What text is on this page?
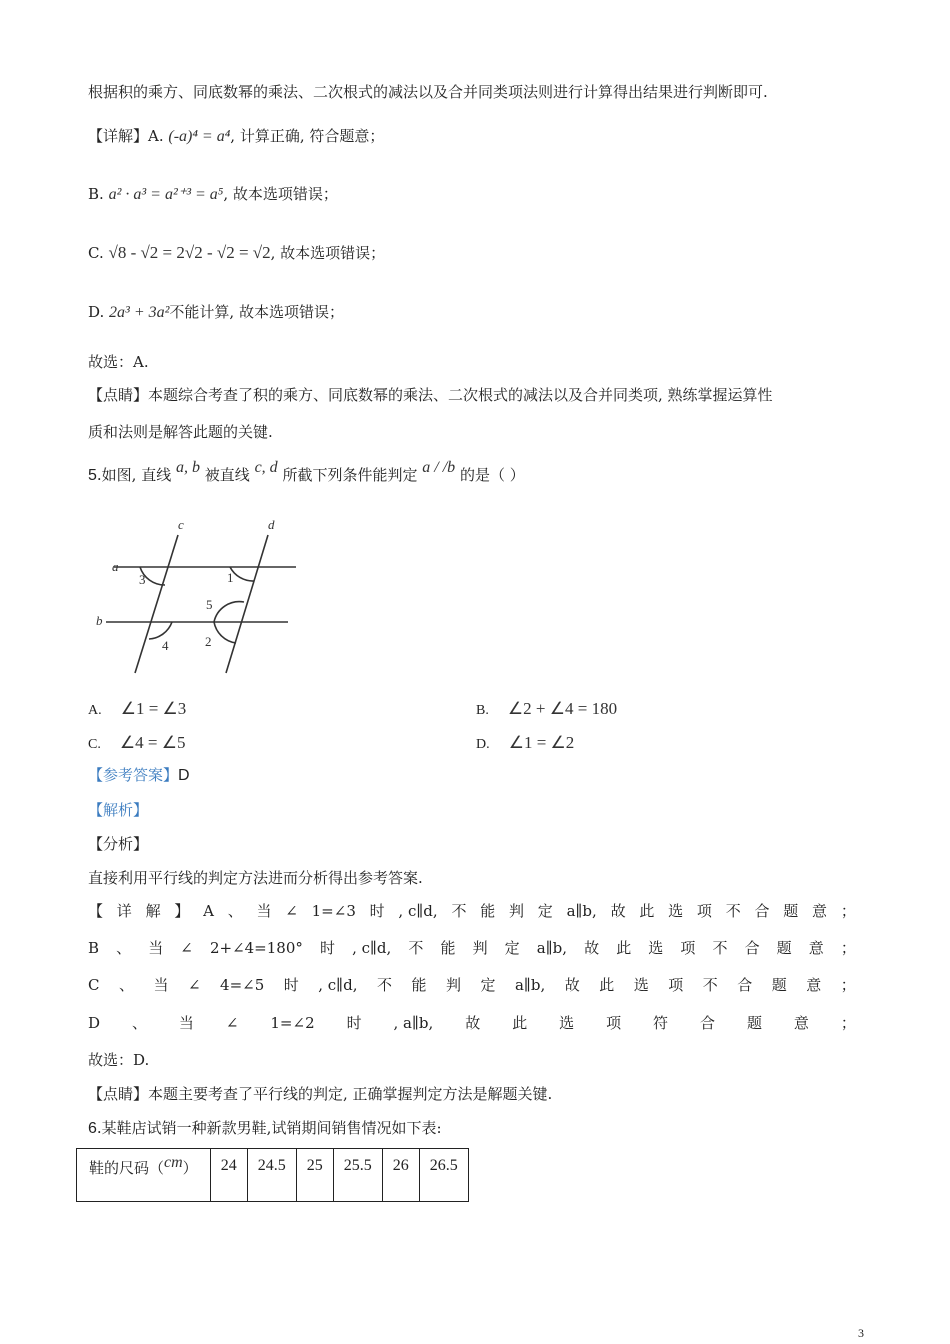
根据积的乘方、同底数幂的乘法、二次根式的减法以及合并同类项法则进行计算得出结果进行判断即可.
【详解】A. (-a)⁴ = a⁴, 计算正确, 符合题意；
B. a² · a³ = a²⁺³ = a⁵, 故本选项错误；
C. √8 - √2 = 2√2 - √2 = √2, 故本选项错误；
D. 2a³ + 3a²不能计算, 故本选项错误；
故选：A.
【点睛】本题综合考查了积的乘方、同底数幂的乘法、二次根式的减法以及合并同类项, 熟练掌握运算性
质和法则是解答此题的关键.
5.如图, 直线 a, b 被直线 c, d 所截下列条件能判定 a / /b 的是（ ）
a
b
c	d
3	1
5
2
4
A. ∠1 = ∠3	B. ∠2 + ∠4 = 180
C. ∠4 = ∠5	D. ∠1 = ∠2
【参考答案】D
【解析】
【分析】
直接利用平行线的判定方法进而分析得出参考答案.
【 详 解 】 A 、 当 ∠ 1=∠3 时 , c∥d, 不 能 判 定 a∥b, 故 此 选 项 不 合 题 意 ；
B 、 当 ∠ 2+∠4=180° 时 , c∥d, 不 能 判 定 a∥b, 故 此 选 项 不 合 题 意 ；
C 、 当 ∠ 4=∠5 时 , c∥d, 不 能 判 定 a∥b, 故 此 选 项 不 合 题 意 ；
D 、 当 ∠ 1=∠2 时 , a∥b, 故 此 选 项 符 合 题 意 ；
故选：D.
【点睛】本题主要考查了平行线的判定, 正确掌握判定方法是解题关键.
6.某鞋店试销一种新款男鞋,试销期间销售情况如下表:
鞋的尺码（cm）	24	24.5	25	25.5	26	26.5
3
